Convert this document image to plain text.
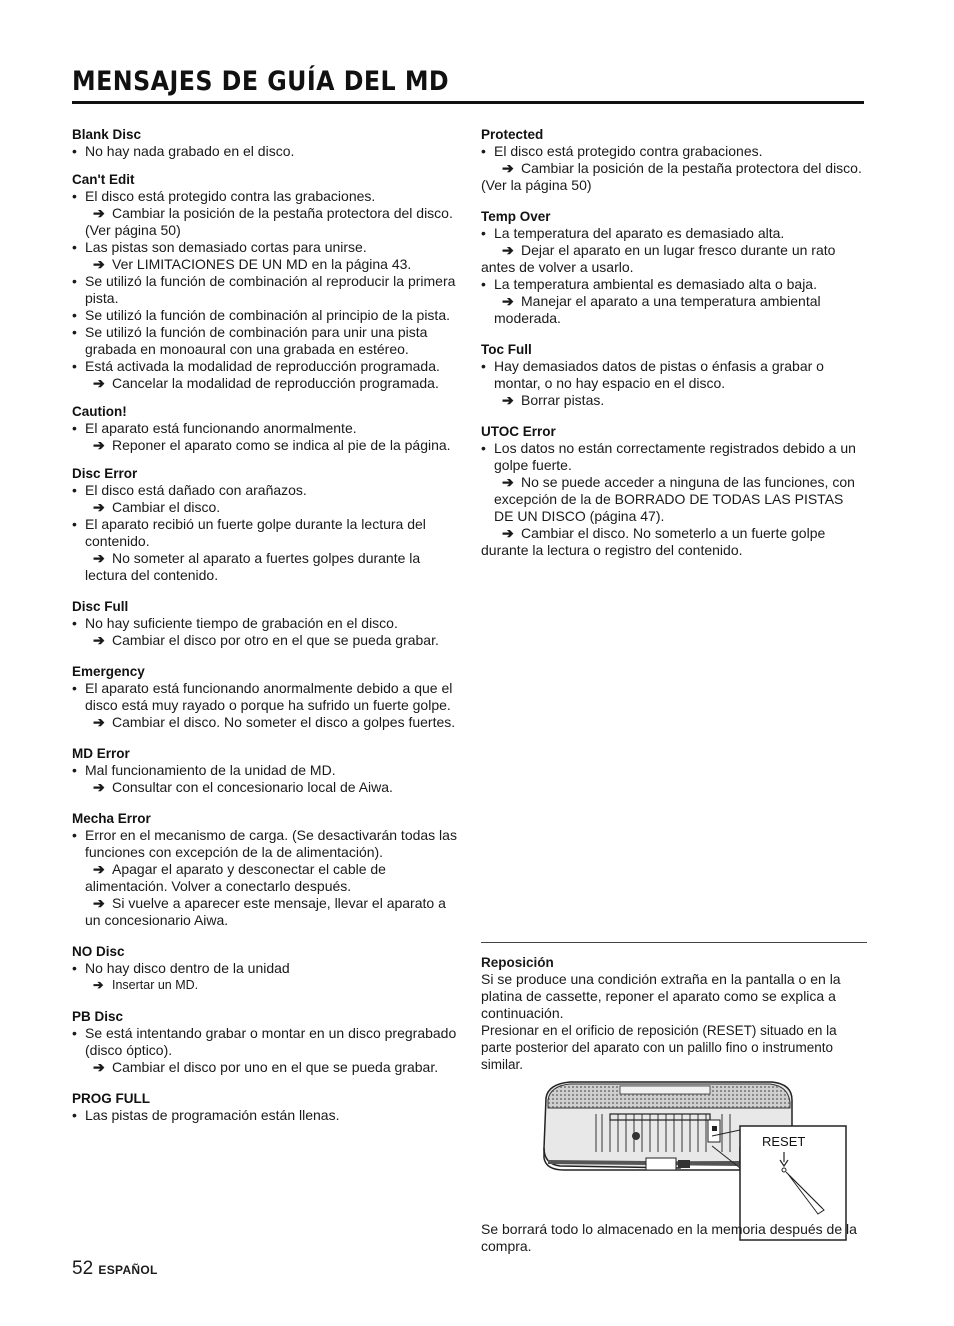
MENSAJES DE GUÍA DEL MD
Blank Disc
• No hay nada grabado en el disco.
Can't Edit
• El disco está protegido contra las grabaciones.
➔ Cambiar la posición de la pestaña protectora del disco.
(Ver página 50)
• Las pistas son demasiado cortas para unirse.
➔ Ver LIMITACIONES DE UN MD en la página 43.
• Se utilizó la función de combinación al reproducir la primera pista.
• Se utilizó la función de combinación al principio de la pista.
• Se utilizó la función de combinación para unir una pista grabada en monoaural con una grabada en estéreo.
• Está activada la modalidad de reproducción programada.
➔ Cancelar la modalidad de reproducción programada.
Caution!
• El aparato está funcionando anormalmente.
➔ Reponer el aparato como se indica al pie de la página.
Disc Error
• El disco está dañado con arañazos.
➔ Cambiar el disco.
• El aparato recibió un fuerte golpe durante la lectura del contenido.
➔ No someter al aparato a fuertes golpes durante la
lectura del contenido.
Disc Full
• No hay suficiente tiempo de grabación en el disco.
➔ Cambiar el disco por otro en el que se pueda grabar.
Emergency
• El aparato está funcionando anormalmente debido a que el disco está muy rayado o porque ha sufrido un fuerte golpe.
➔ Cambiar el disco. No someter el disco a golpes fuertes.
MD Error
• Mal funcionamiento de la unidad de MD.
➔ Consultar con el concesionario local de Aiwa.
Mecha Error
• Error en el mecanismo de carga. (Se desactivarán todas las funciones con excepción de la de alimentación).
➔ Apagar el aparato y desconectar el cable de
alimentación. Volver a conectarlo después.
➔ Si vuelve a aparecer este mensaje, llevar el aparato a
un concesionario Aiwa.
NO Disc
• No hay disco dentro de la unidad
➔ Insertar un MD.
PB Disc
• Se está intentando grabar o montar en un disco pregrabado (disco óptico).
➔ Cambiar el disco por uno en el que se pueda grabar.
PROG FULL
• Las pistas de programación están llenas.
Protected
• El disco está protegido contra grabaciones.
➔ Cambiar la posición de la pestaña protectora del disco.
(Ver la página 50)
Temp Over
• La temperatura del aparato es demasiado alta.
➔ Dejar el aparato en un lugar fresco durante un rato
antes de volver a usarlo.
• La temperatura ambiental es demasiado alta o baja.
➔ Manejar el aparato a una temperatura ambiental
moderada.
Toc Full
• Hay demasiados datos de pistas o énfasis a grabar o montar, o no hay espacio en el disco.
➔ Borrar pistas.
UTOC Error
• Los datos no están correctamente registrados debido a un golpe fuerte.
➔ No se puede acceder a ninguna de las funciones, con
excepción de la de BORRADO DE TODAS LAS PISTAS
DE UN DISCO (página 47).
➔ Cambiar el disco. No someterlo a un fuerte golpe
durante la lectura o registro del contenido.
Reposición

Si se produce una condición extraña en la pantalla o en la platina de cassette, reponer el aparato como se explica a continuación.

Presionar en el orificio de reposición (RESET) situado en la parte posterior del aparato con un palillo fino o instrumento similar.

RESET
Se borrará todo lo almacenado en la memoria después de la compra.
52 ESPAÑOL
